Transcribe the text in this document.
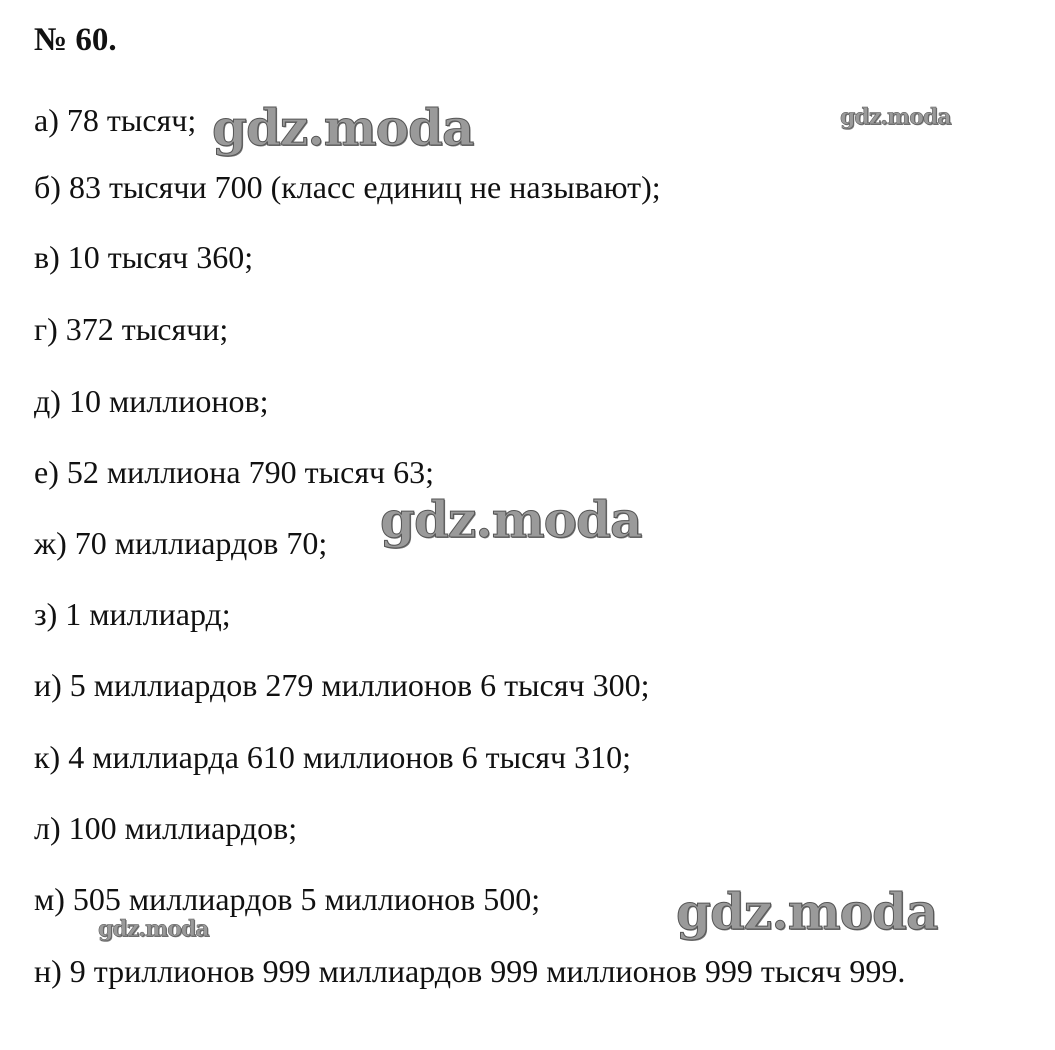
№ 60.
а) 78 тысяч;
б) 83 тысячи 700 (класс единиц не называют);
в) 10 тысяч 360;
г) 372 тысячи;
д) 10 миллионов;
е) 52 миллиона 790 тысяч 63;
ж) 70 миллиардов 70;
з) 1 миллиард;
и) 5 миллиардов 279 миллионов 6 тысяч 300;
к) 4 миллиарда 610 миллионов 6 тысяч 310;
л) 100 миллиардов;
м) 505 миллиардов 5 миллионов 500;
н) 9 триллионов 999 миллиардов 999 миллионов 999 тысяч 999.
gdz.moda	gdz.moda
gdz.moda
gdz.moda
gdz.moda
